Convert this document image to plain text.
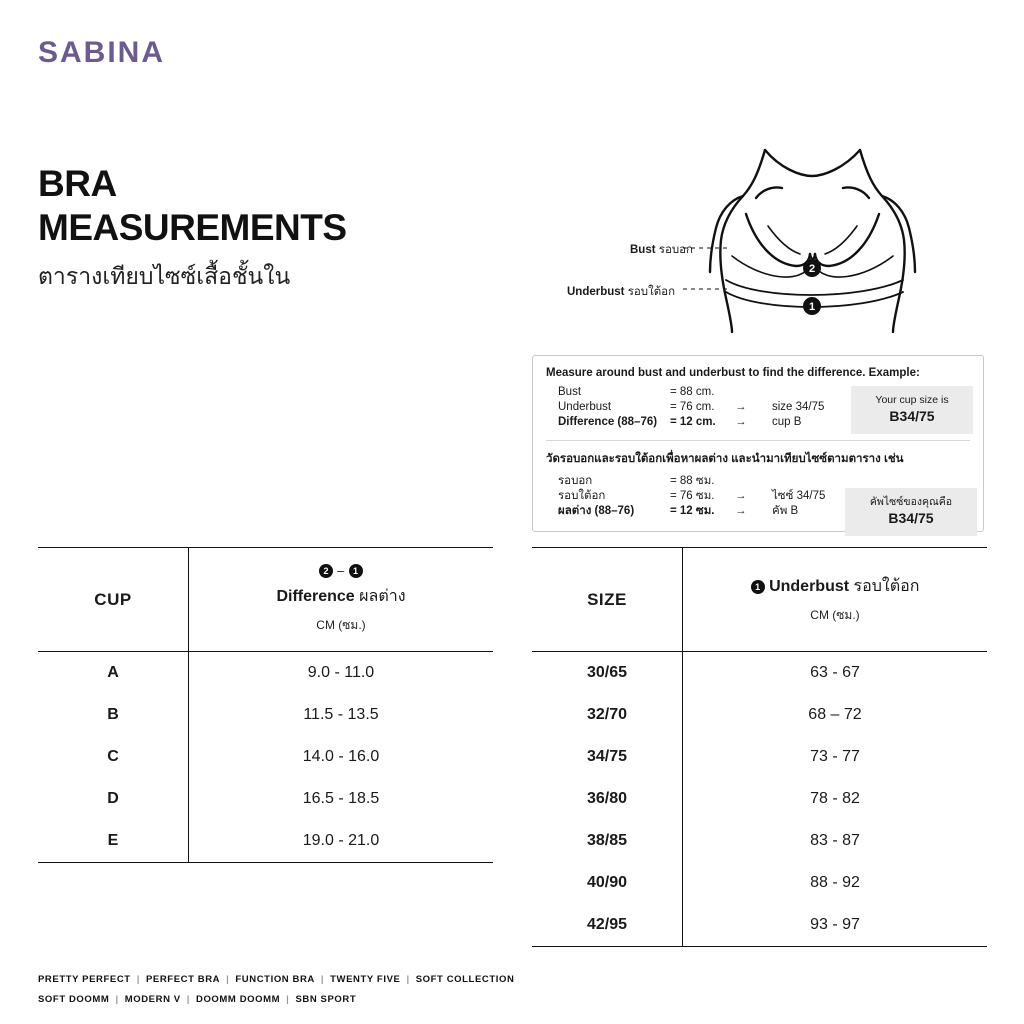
SABINA
BRA
MEASUREMENTS
ตารางเทียบไซซ์เสื้อชั้นใน	2
1
Bust รอบอก
Underbust รอบใต้อก
Measure around bust and underbust to find the difference. Example:
Bust	= 88 cm.
Underbust	= 76 cm.	→	size 34/75
Difference (88–76)	= 12 cm.	→	cup B
Your cup size is
B34/75
วัดรอบอกและรอบใต้อกเพื่อหาผลต่าง และนำมาเทียบไซซ์ตามตาราง เช่น
รอบอก	= 88 ซม.
รอบใต้อก	= 76 ซม.	→	ไซซ์ 34/75
ผลต่าง (88–76)	= 12 ซม.	→	คัพ B
คัพไซซ์ของคุณคือ
B34/75
CUP
2 – 1
Difference ผลต่าง
CM (ซม.)
A	9.0 - 11.0
B	11.5 - 13.5
C	14.0 - 16.0
D	16.5 - 18.5
E	19.0 - 21.0
SIZE
1 Underbust รอบใต้อก
CM (ซม.)
30/65	63 - 67
32/70	68 – 72
34/75	73 - 77
36/80	78 - 82
38/85	83 - 87
40/90	88 - 92
42/95	93 - 97
PRETTY PERFECT | PERFECT BRA | FUNCTION BRA | TWENTY FIVE | SOFT COLLECTION
SOFT DOOMM | MODERN V | DOOMM DOOMM | SBN SPORT
